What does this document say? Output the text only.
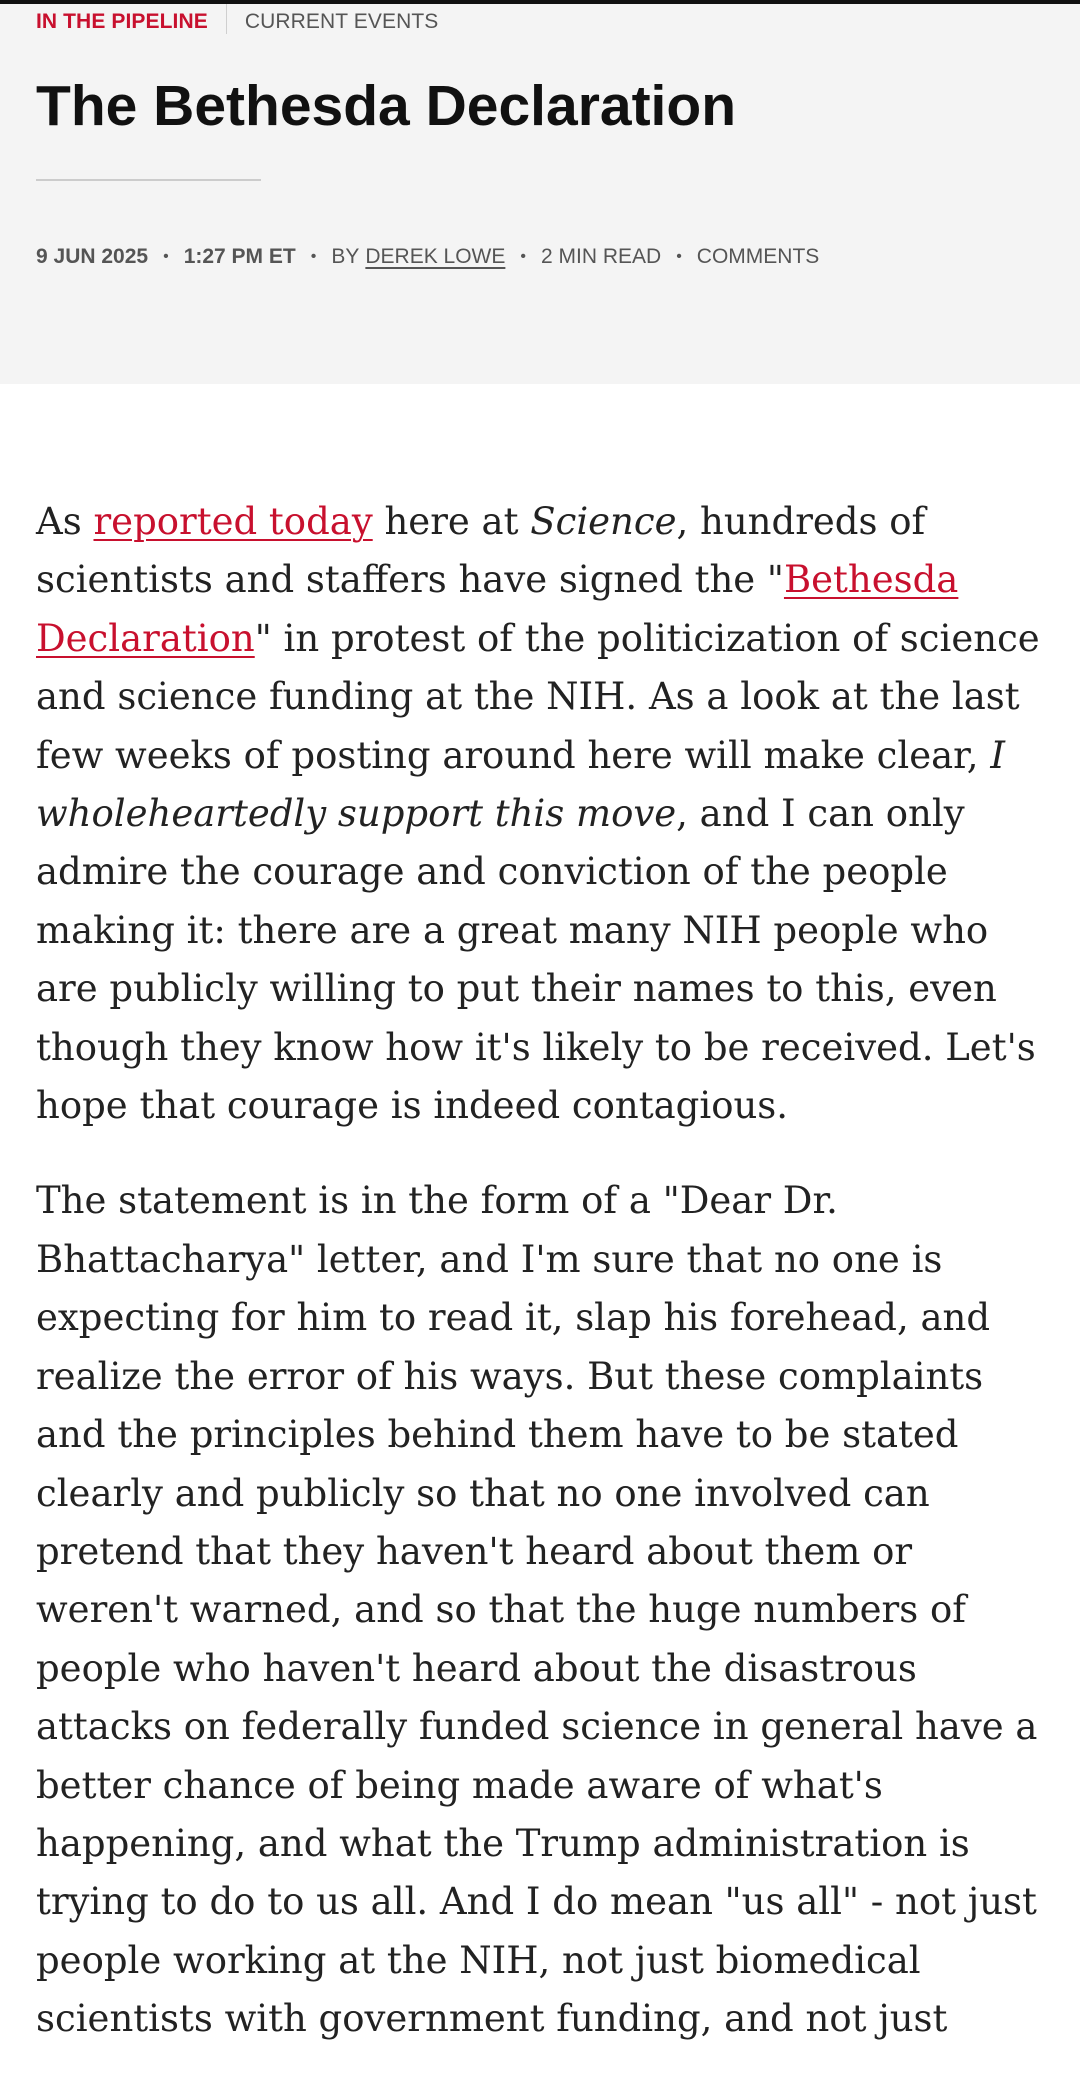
IN THE PIPELINE CURRENT EVENTS
The Bethesda Declaration
9 JUN 2025 • 1:27 PM ET • BY DEREK LOWE • 2 MIN READ • COMMENTS

As reported today here at Science, hundreds of scientists and staffers have signed the "Bethesda Declaration" in protest of the politicization of science and science funding at the NIH. As a look at the last few weeks of posting around here will make clear, I wholeheartedly support this move, and I can only admire the courage and conviction of the people making it: there are a great many NIH people who are publicly willing to put their names to this, even though they know how it's likely to be received. Let's hope that courage is indeed contagious.

The statement is in the form of a "Dear Dr. Bhattacharya" letter, and I'm sure that no one is expecting for him to read it, slap his forehead, and realize the error of his ways. But these complaints and the principles behind them have to be stated clearly and publicly so that no one involved can pretend that they haven't heard about them or weren't warned, and so that the huge numbers of people who haven't heard about the disastrous attacks on federally funded science in general have a better chance of being made aware of what's happening, and what the Trump administration is trying to do to us all. And I do mean "us all" - not just people working at the NIH, not just biomedical scientists with government funding, and not just
